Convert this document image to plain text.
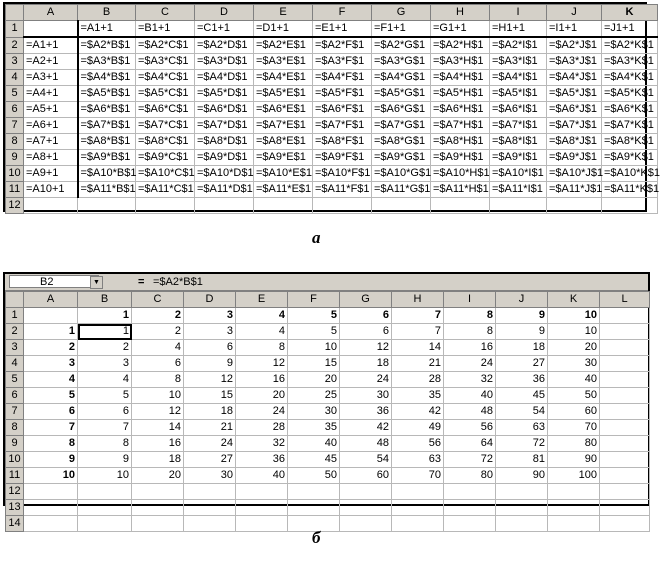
	A	B	C	D	E	F	G	H	I	J	K
1		=A1+1	=B1+1	=C1+1	=D1+1	=E1+1	=F1+1	=G1+1	=H1+1	=I1+1	=J1+1
2	=A1+1	=$A2*B$1	=$A2*C$1	=$A2*D$1	=$A2*E$1	=$A2*F$1	=$A2*G$1	=$A2*H$1	=$A2*I$1	=$A2*J$1	=$A2*K$1
3	=A2+1	=$A3*B$1	=$A3*C$1	=$A3*D$1	=$A3*E$1	=$A3*F$1	=$A3*G$1	=$A3*H$1	=$A3*I$1	=$A3*J$1	=$A3*K$1
4	=A3+1	=$A4*B$1	=$A4*C$1	=$A4*D$1	=$A4*E$1	=$A4*F$1	=$A4*G$1	=$A4*H$1	=$A4*I$1	=$A4*J$1	=$A4*K$1
5	=A4+1	=$A5*B$1	=$A5*C$1	=$A5*D$1	=$A5*E$1	=$A5*F$1	=$A5*G$1	=$A5*H$1	=$A5*I$1	=$A5*J$1	=$A5*K$1
6	=A5+1	=$A6*B$1	=$A6*C$1	=$A6*D$1	=$A6*E$1	=$A6*F$1	=$A6*G$1	=$A6*H$1	=$A6*I$1	=$A6*J$1	=$A6*K$1
7	=A6+1	=$A7*B$1	=$A7*C$1	=$A7*D$1	=$A7*E$1	=$A7*F$1	=$A7*G$1	=$A7*H$1	=$A7*I$1	=$A7*J$1	=$A7*K$1
8	=A7+1	=$A8*B$1	=$A8*C$1	=$A8*D$1	=$A8*E$1	=$A8*F$1	=$A8*G$1	=$A8*H$1	=$A8*I$1	=$A8*J$1	=$A8*K$1
9	=A8+1	=$A9*B$1	=$A9*C$1	=$A9*D$1	=$A9*E$1	=$A9*F$1	=$A9*G$1	=$A9*H$1	=$A9*I$1	=$A9*J$1	=$A9*K$1
10	=A9+1	=$A10*B$1	=$A10*C$1	=$A10*D$1	=$A10*E$1	=$A10*F$1	=$A10*G$1	=$A10*H$1	=$A10*I$1	=$A10*J$1	=$A10*K$1
11	=A10+1	=$A11*B$1	=$A11*C$1	=$A11*D$1	=$A11*E$1	=$A11*F$1	=$A11*G$1	=$A11*H$1	=$A11*I$1	=$A11*J$1	=$A11*K$1
12											
а
B2	▼	= =$A2*B$1
	A	B	C	D	E	F	G	H	I	J	K	L
1		1	2	3	4	5	6	7	8	9	10	
2	1	1	2	3	4	5	6	7	8	9	10	
3	2	2	4	6	8	10	12	14	16	18	20	
4	3	3	6	9	12	15	18	21	24	27	30	
5	4	4	8	12	16	20	24	28	32	36	40	
6	5	5	10	15	20	25	30	35	40	45	50	
7	6	6	12	18	24	30	36	42	48	54	60	
8	7	7	14	21	28	35	42	49	56	63	70	
9	8	8	16	24	32	40	48	56	64	72	80	
10	9	9	18	27	36	45	54	63	72	81	90	
11	10	10	20	30	40	50	60	70	80	90	100	
12												
13												
14												
б
